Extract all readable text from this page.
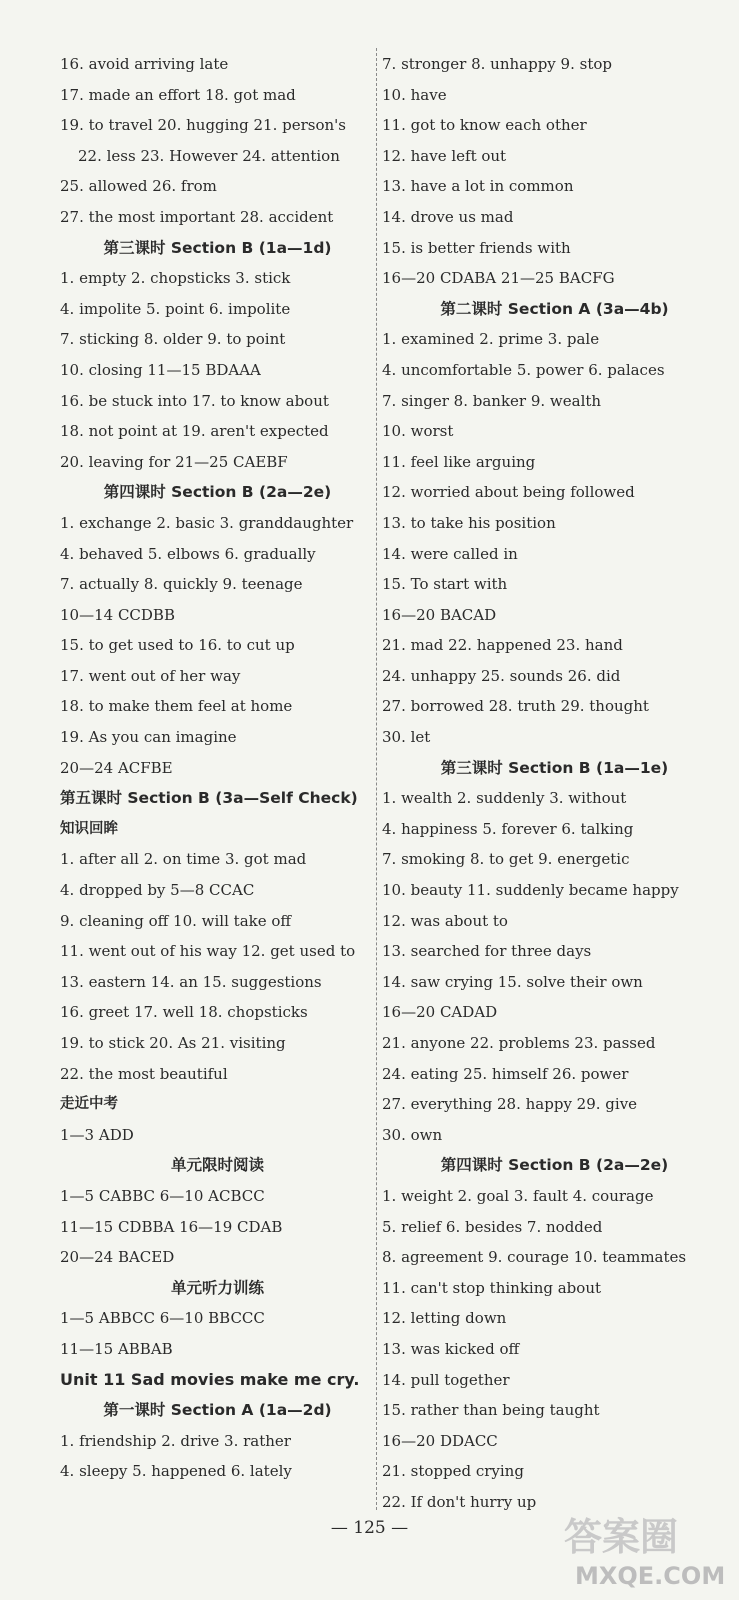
16. avoid arriving late
17. made an effort 18. got mad
19. to travel 20. hugging 21. person's
22. less 23. However 24. attention
25. allowed 26. from
27. the most important 28. accident
第三课时 Section B (1a—1d)
1. empty 2. chopsticks 3. stick
4. impolite 5. point 6. impolite
7. sticking 8. older 9. to point
10. closing 11—15 BDAAA
16. be stuck into 17. to know about
18. not point at 19. aren't expected
20. leaving for 21—25 CAEBF
第四课时 Section B (2a—2e)
1. exchange 2. basic 3. granddaughter
4. behaved 5. elbows 6. gradually
7. actually 8. quickly 9. teenage
10—14 CCDBB
15. to get used to 16. to cut up
17. went out of her way
18. to make them feel at home
19. As you can imagine
20—24 ACFBE
第五课时 Section B (3a—Self Check)
知识回眸
1. after all 2. on time 3. got mad
4. dropped by 5—8 CCAC
9. cleaning off 10. will take off
11. went out of his way 12. get used to
13. eastern 14. an 15. suggestions
16. greet 17. well 18. chopsticks
19. to stick 20. As 21. visiting
22. the most beautiful
走近中考
1—3 ADD
单元限时阅读
1—5 CABBC 6—10 ACBCC
11—15 CDBBA 16—19 CDAB
20—24 BACED
单元听力训练
1—5 ABBCC 6—10 BBCCC
11—15 ABBAB
Unit 11 Sad movies make me cry.
第一课时 Section A (1a—2d)
1. friendship 2. drive 3. rather
4. sleepy 5. happened 6. lately
7. stronger 8. unhappy 9. stop
10. have
11. got to know each other
12. have left out
13. have a lot in common
14. drove us mad
15. is better friends with
16—20 CDABA 21—25 BACFG
第二课时 Section A (3a—4b)
1. examined 2. prime 3. pale
4. uncomfortable 5. power 6. palaces
7. singer 8. banker 9. wealth
10. worst
11. feel like arguing
12. worried about being followed
13. to take his position
14. were called in
15. To start with
16—20 BACAD
21. mad 22. happened 23. hand
24. unhappy 25. sounds 26. did
27. borrowed 28. truth 29. thought
30. let
第三课时 Section B (1a—1e)
1. wealth 2. suddenly 3. without
4. happiness 5. forever 6. talking
7. smoking 8. to get 9. energetic
10. beauty 11. suddenly became happy
12. was about to
13. searched for three days
14. saw crying 15. solve their own
16—20 CADAD
21. anyone 22. problems 23. passed
24. eating 25. himself 26. power
27. everything 28. happy 29. give
30. own
第四课时 Section B (2a—2e)
1. weight 2. goal 3. fault 4. courage
5. relief 6. besides 7. nodded
8. agreement 9. courage 10. teammates
11. can't stop thinking about
12. letting down
13. was kicked off
14. pull together
15. rather than being taught
16—20 DDACC
21. stopped crying
22. If don't hurry up
— 125 —	答案圈
MXQE.COM
